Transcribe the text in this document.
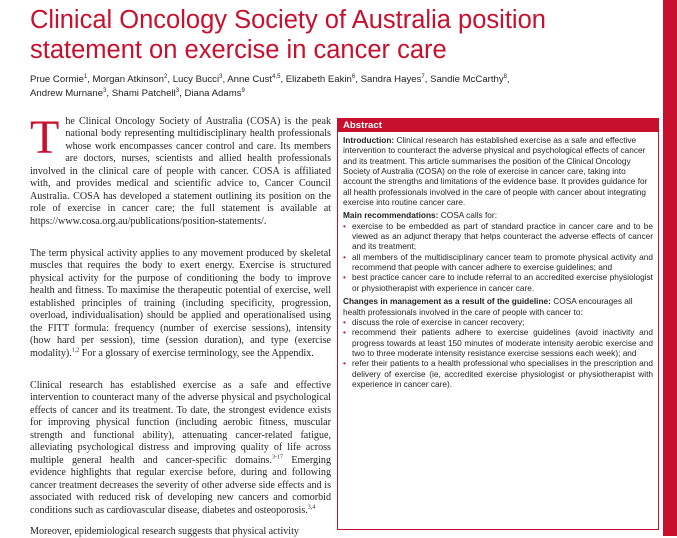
Clinical Oncology Society of Australia position statement on exercise in cancer care
Prue Cormie$^1$, Morgan Atkinson$^2$, Lucy Bucci$^3$, Anne Cust$^{4,5}$, Elizabeth Eakin$^6$, Sandra Hayes$^7$, Sandie McCarthy$^8$,
Andrew Murnane$^3$, Shami Patchell$^3$, Diana Adams$^9$

The Clinical Oncology Society of Australia (COSA) is the peak national body representing multidisciplinary health professionals whose work encompasses cancer control and care. Its members are doctors, nurses, scientists and allied health professionals involved in the clinical care of people with cancer. COSA is affiliated with, and provides medical and scientific advice to, Cancer Council Australia. COSA has developed a statement outlining its position on the role of exercise in cancer care; the full statement is available at https://www.cosa.org.au/publications/position-statements/.

The term physical activity applies to any movement produced by skeletal muscles that requires the body to exert energy. Exercise is structured physical activity for the purpose of conditioning the body to improve health and fitness. To maximise the therapeutic potential of exercise, well established principles of training (including specificity, progression, overload, individualisation) should be applied and operationalised using the FITT formula: frequency (number of exercise sessions), intensity (how hard per session), time (session duration), and type (exercise modality).$^{1,2}$ For a glossary of exercise terminology, see the Appendix.

Clinical research has established exercise as a safe and effective intervention to counteract many of the adverse physical and psychological effects of cancer and its treatment. To date, the strongest evidence exists for improving physical function (including aerobic fitness, muscular strength and functional ability), attenuating cancer-related fatigue, alleviating psychological distress and improving quality of life across multiple general health and cancer-specific domains.$^{3-17}$ Emerging evidence highlights that regular exercise before, during and following cancer treatment decreases the severity of other adverse side effects and is associated with reduced risk of developing new cancers and comorbid conditions such as cardiovascular disease, diabetes and osteoporosis.$^{3,4}$

Moreover, epidemiological research suggests that physical activity

Abstract

Introduction: Clinical research has established exercise as a safe and effective intervention to counteract the adverse physical and psychological effects of cancer and its treatment. This article summarises the position of the Clinical Oncology Society of Australia (COSA) on the role of exercise in cancer care, taking into account the strengths and limitations of the evidence base. It provides guidance for all health professionals involved in the care of people with cancer about integrating exercise into routine cancer care.

Main recommendations: COSA calls for:

• exercise to be embedded as part of standard practice in cancer care and to be viewed as an adjunct therapy that helps counteract the adverse effects of cancer and its treatment;
• all members of the multidisciplinary cancer team to promote physical activity and recommend that people with cancer adhere to exercise guidelines; and
• best practice cancer care to include referral to an accredited exercise physiologist or physiotherapist with experience in cancer care.

Changes in management as a result of the guideline: COSA encourages all health professionals involved in the care of people with cancer to:

• discuss the role of exercise in cancer recovery;
• recommend their patients adhere to exercise guidelines (avoid inactivity and progress towards at least 150 minutes of moderate intensity aerobic exercise and two to three moderate intensity resistance exercise sessions each week); and
• refer their patients to a health professional who specialises in the prescription and delivery of exercise (ie, accredited exercise physiologist or physiotherapist with experience in cancer care).
